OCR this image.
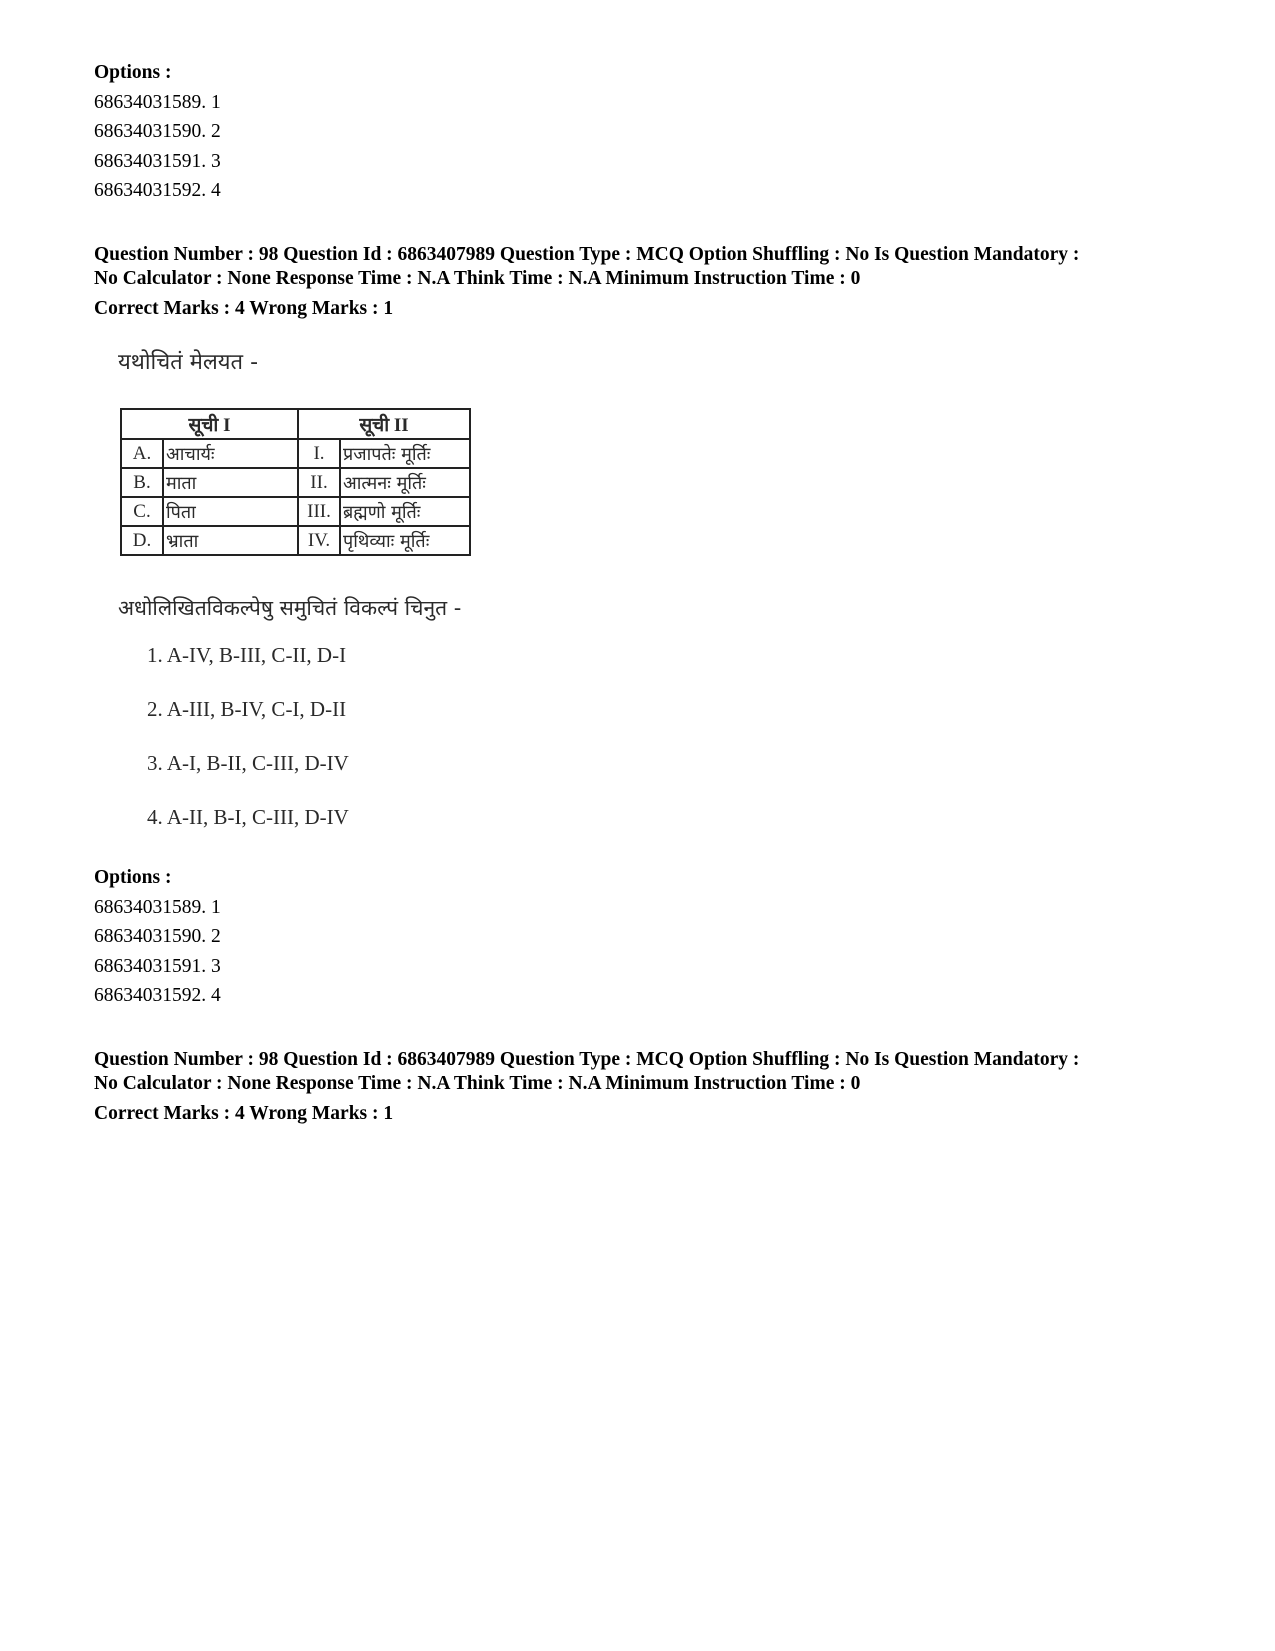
Options :
68634031589. 1
68634031590. 2
68634031591. 3
68634031592. 4
Question Number : 98 Question Id : 6863407989 Question Type : MCQ Option Shuffling : No Is Question Mandatory :
No Calculator : None Response Time : N.A Think Time : N.A Minimum Instruction Time : 0
Correct Marks : 4 Wrong Marks : 1
यथोचितं मेलयत -
सूची I		सूची II	
A.	आचार्यः	I.	प्रजापतेः मूर्तिः
B.	माता	II.	आत्मनः मूर्तिः
C.	पिता	III.	ब्रह्मणो मूर्तिः
D.	भ्राता	IV.	पृथिव्याः मूर्तिः
अधोलिखितविकल्पेषु समुचितं विकल्पं चिनुत -
1. A-IV, B-III, C-II, D-I
2. A-III, B-IV, C-I, D-II
3. A-I, B-II, C-III, D-IV
4. A-II, B-I, C-III, D-IV
Options :
68634031589. 1
68634031590. 2
68634031591. 3
68634031592. 4
Question Number : 98 Question Id : 6863407989 Question Type : MCQ Option Shuffling : No Is Question Mandatory :
No Calculator : None Response Time : N.A Think Time : N.A Minimum Instruction Time : 0
Correct Marks : 4 Wrong Marks : 1
